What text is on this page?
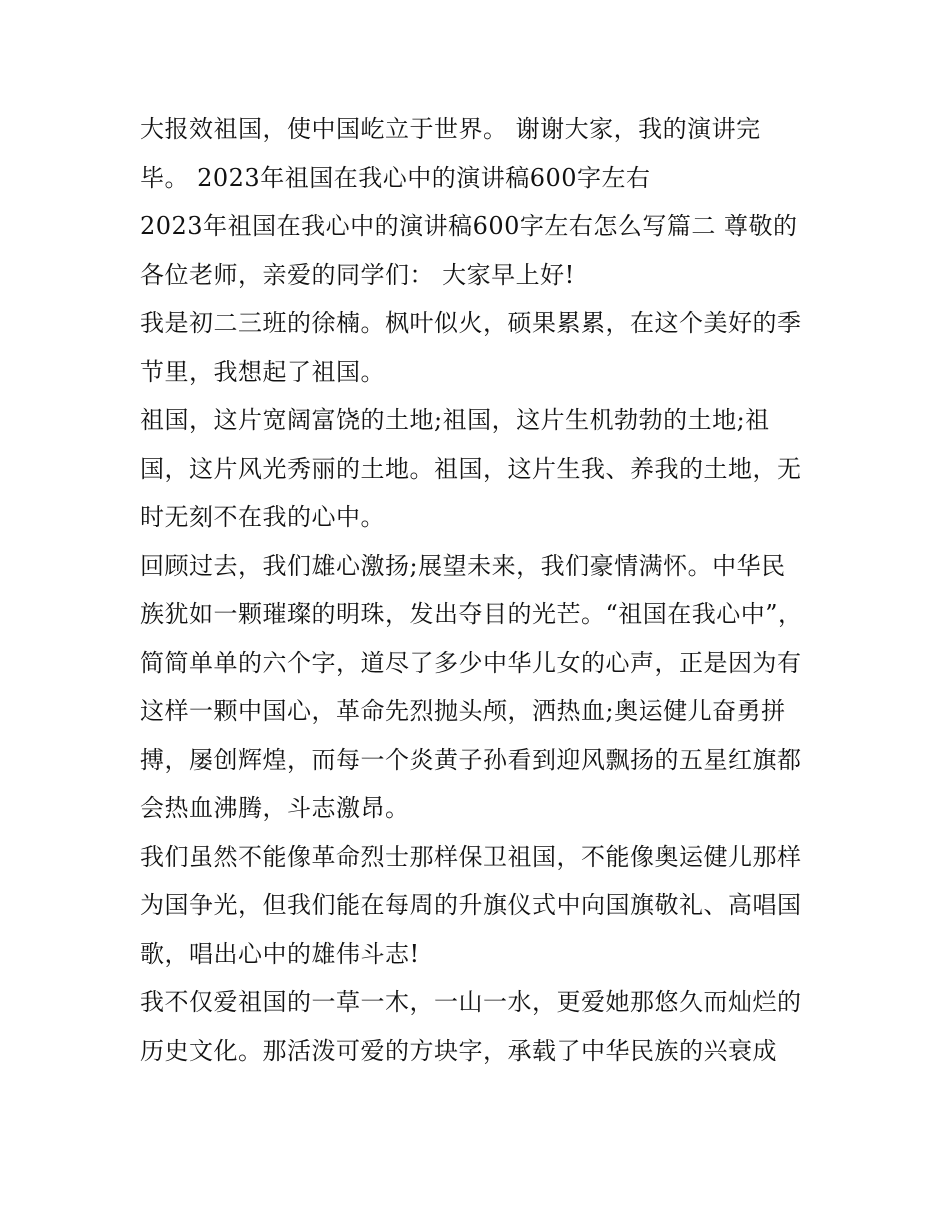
大报效祖国，使中国屹立于世界。 谢谢大家，我的演讲完
毕。 2023年祖国在我心中的演讲稿600字左右
2023年祖国在我心中的演讲稿600字左右怎么写篇二 尊敬的
各位老师，亲爱的同学们： 大家早上好!
我是初二三班的徐楠。枫叶似火，硕果累累，在这个美好的季
节里，我想起了祖国。
祖国，这片宽阔富饶的土地;祖国，这片生机勃勃的土地;祖
国，这片风光秀丽的土地。祖国，这片生我、养我的土地，无
时无刻不在我的心中。
回顾过去，我们雄心激扬;展望未来，我们豪情满怀。中华民
族犹如一颗璀璨的明珠，发出夺目的光芒。“祖国在我心中”，
简简单单的六个字，道尽了多少中华儿女的心声，正是因为有
这样一颗中国心，革命先烈抛头颅，洒热血;奥运健儿奋勇拼
搏，屡创辉煌，而每一个炎黄子孙看到迎风飘扬的五星红旗都
会热血沸腾，斗志激昂。
我们虽然不能像革命烈士那样保卫祖国，不能像奥运健儿那样
为国争光，但我们能在每周的升旗仪式中向国旗敬礼、高唱国
歌，唱出心中的雄伟斗志!
我不仅爱祖国的一草一木，一山一水，更爱她那悠久而灿烂的
历史文化。那活泼可爱的方块字，承载了中华民族的兴衰成
